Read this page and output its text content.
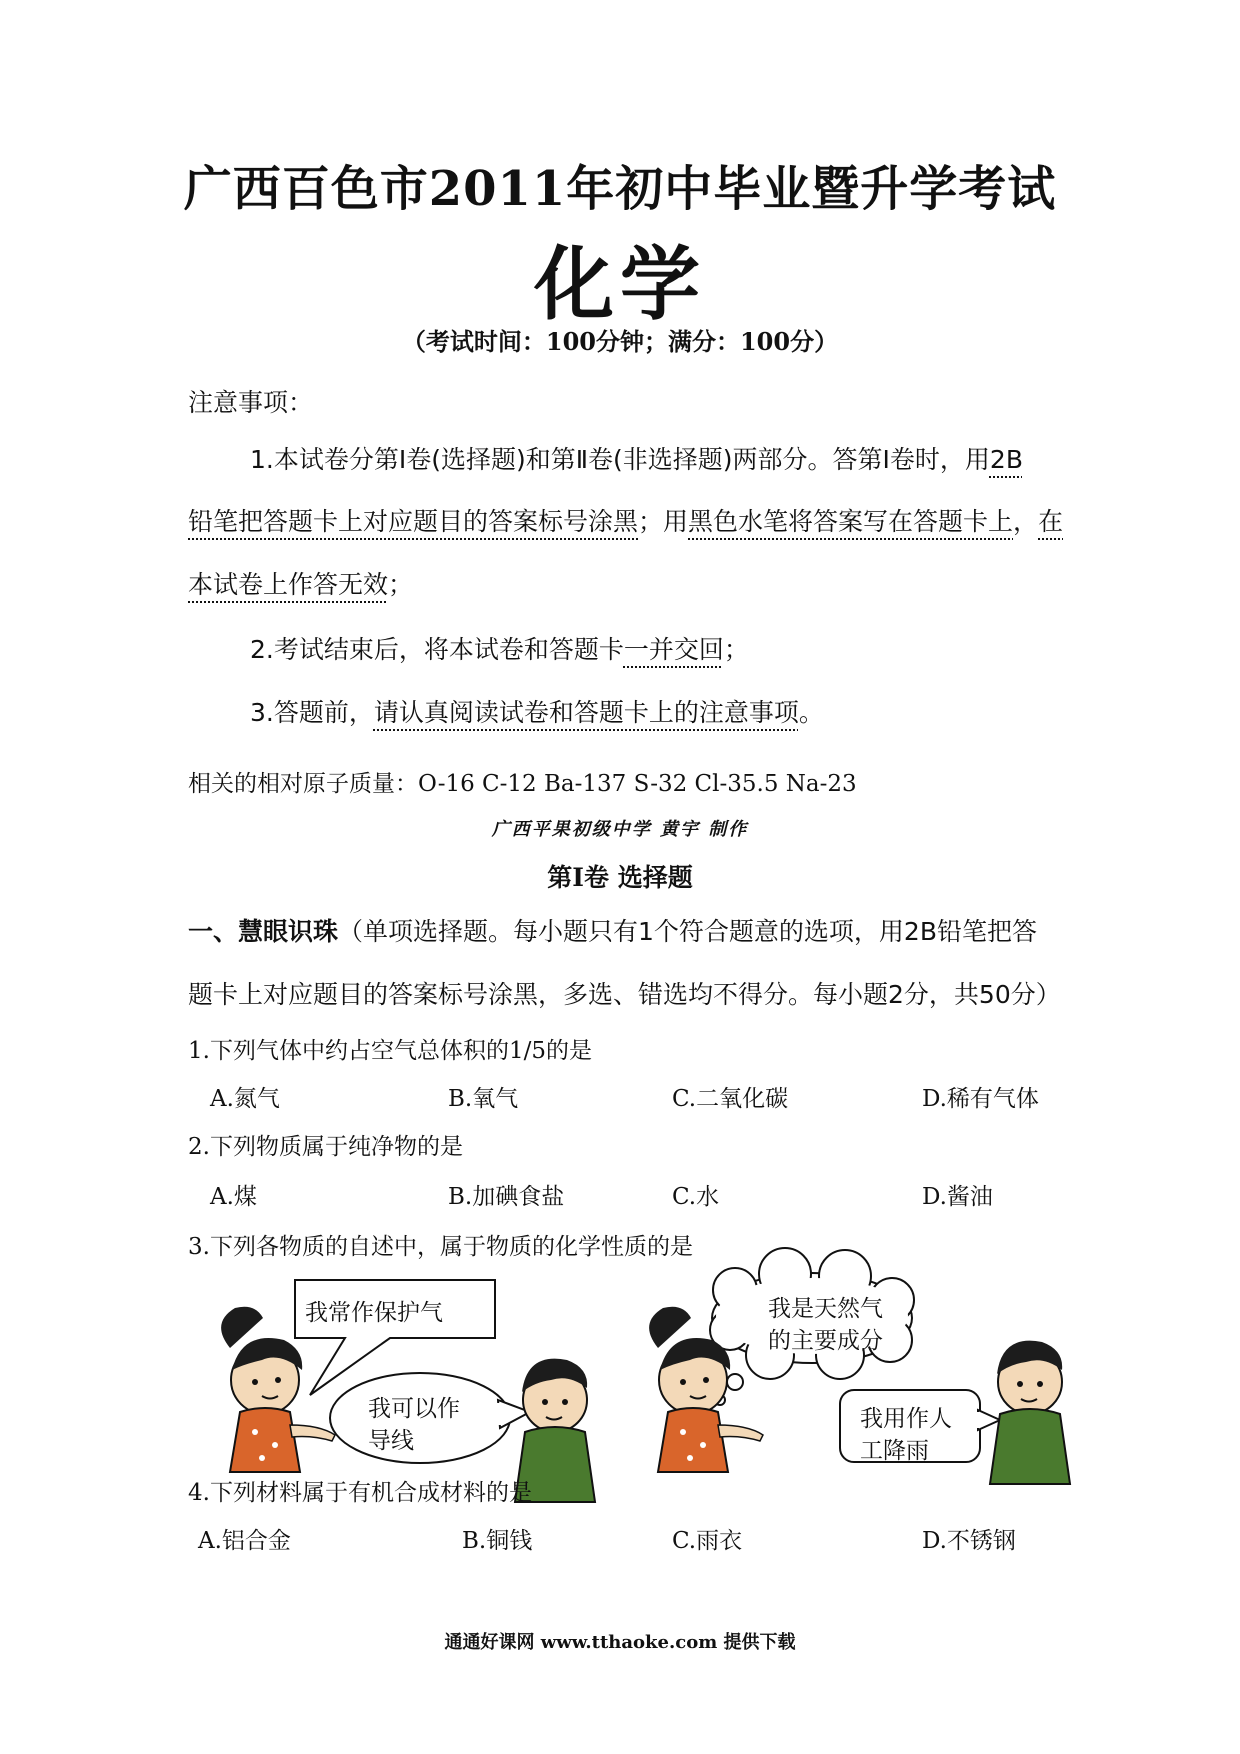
广西百色市2011年初中毕业暨升学考试
化学
（考试时间：100分钟；满分：100分）
注意事项：
1.本试卷分第Ⅰ卷(选择题)和第Ⅱ卷(非选择题)两部分。答第Ⅰ卷时，用2B
铅笔把答题卡上对应题目的答案标号涂黑；用黑色水笔将答案写在答题卡上，在
本试卷上作答无效；
2.考试结束后，将本试卷和答题卡一并交回；
3.答题前，请认真阅读试卷和答题卡上的注意事项。
相关的相对原子质量：O-16 C-12 Ba-137 S-32 Cl-35.5 Na-23
广西平果初级中学 黄宇 制作
第Ⅰ卷 选择题
一、慧眼识珠（单项选择题。每小题只有1个符合题意的选项，用2B铅笔把答
题卡上对应题目的答案标号涂黑，多选、错选均不得分。每小题2分，共50分）
1.下列气体中约占空气总体积的1/5的是
A.氮气	B.氧气	C.二氧化碳	D.稀有气体
2.下列物质属于纯净物的是
A.煤	B.加碘食盐	C.水	D.酱油
3.下列各物质的自述中，属于物质的化学性质的是
我常作保护气
我可以作
导线
我是天然气
的主要成分
我用作人
工降雨
4.下列材料属于有机合成材料的是
A.铝合金	B.铜钱	C.雨衣	D.不锈钢
通通好课网 www.tthaoke.com 提供下载
